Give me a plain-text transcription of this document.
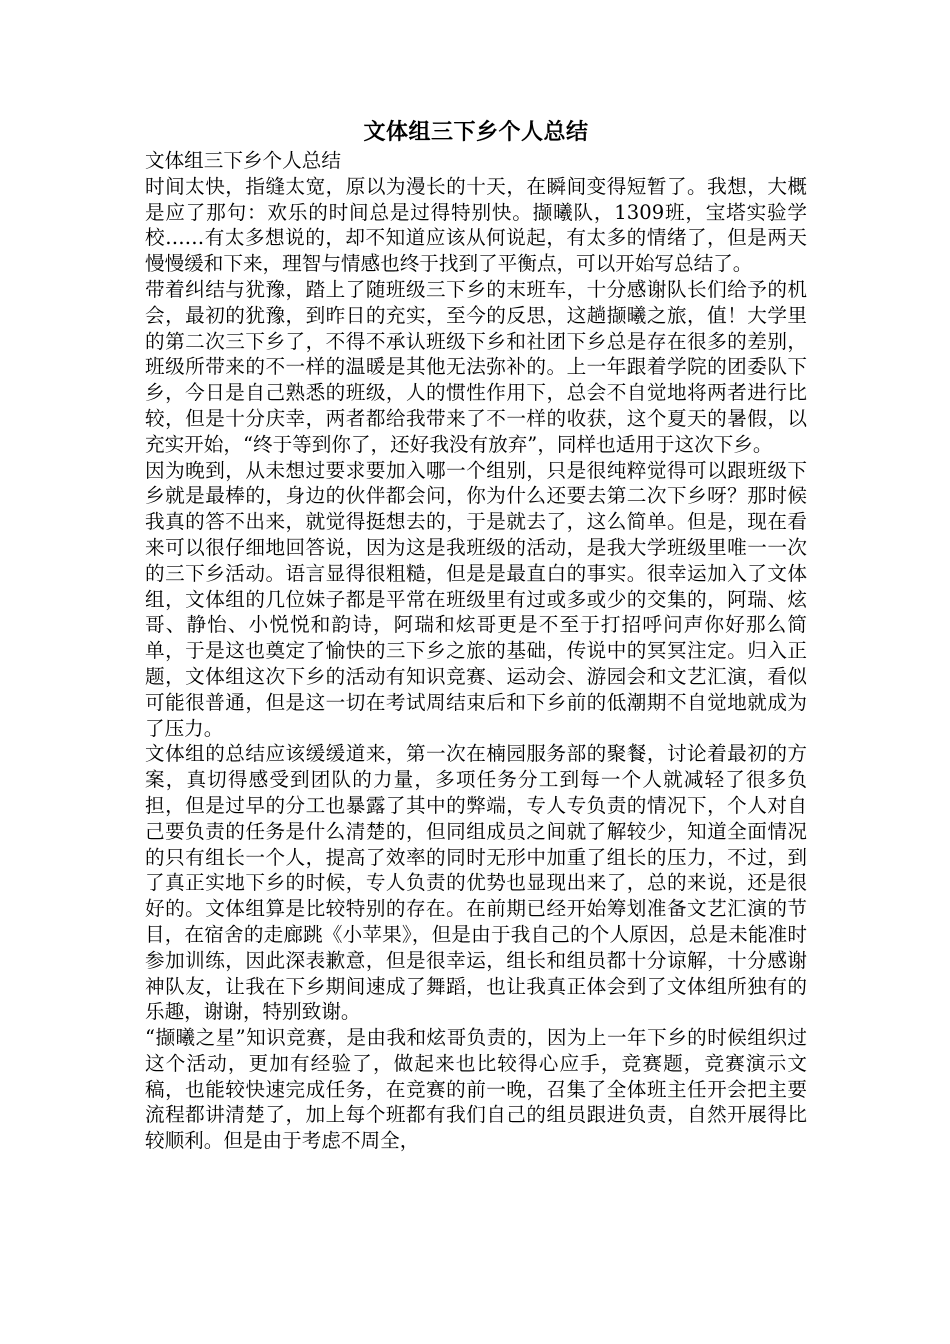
文体组三下乡个人总结

文体组三下乡个人总结

时间太快，指缝太宽，原以为漫长的十天，在瞬间变得短暂了。我想，大概是应了那句：欢乐的时间总是过得特别快。撷曦队，1309班，宝塔实验学校……有太多想说的，却不知道应该从何说起，有太多的情绪了，但是两天慢慢缓和下来，理智与情感也终于找到了平衡点，可以开始写总结了。

带着纠结与犹豫，踏上了随班级三下乡的末班车，十分感谢队长们给予的机会，最初的犹豫，到昨日的充实，至今的反思，这趟撷曦之旅，值！大学里的第二次三下乡了，不得不承认班级下乡和社团下乡总是存在很多的差别，班级所带来的不一样的温暖是其他无法弥补的。上一年跟着学院的团委队下乡，今日是自己熟悉的班级，人的惯性作用下，总会不自觉地将两者进行比较，但是十分庆幸，两者都给我带来了不一样的收获，这个夏天的暑假，以充实开始，“终于等到你了，还好我没有放弃”，同样也适用于这次下乡。

因为晚到，从未想过要求要加入哪一个组别，只是很纯粹觉得可以跟班级下乡就是最棒的，身边的伙伴都会问，你为什么还要去第二次下乡呀？那时候我真的答不出来，就觉得挺想去的，于是就去了，这么简单。但是，现在看来可以很仔细地回答说，因为这是我班级的活动，是我大学班级里唯一一次的三下乡活动。语言显得很粗糙，但是是最直白的事实。很幸运加入了文体组，文体组的几位妹子都是平常在班级里有过或多或少的交集的，阿瑞、炫哥、静怡、小悦悦和韵诗，阿瑞和炫哥更是不至于打招呼问声你好那么简单，于是这也奠定了愉快的三下乡之旅的基础，传说中的冥冥注定。归入正题，文体组这次下乡的活动有知识竞赛、运动会、游园会和文艺汇演，看似可能很普通，但是这一切在考试周结束后和下乡前的低潮期不自觉地就成为了压力。

文体组的总结应该缓缓道来，第一次在楠园服务部的聚餐，讨论着最初的方案，真切得感受到团队的力量，多项任务分工到每一个人就减轻了很多负担，但是过早的分工也暴露了其中的弊端，专人专负责的情况下，个人对自己要负责的任务是什么清楚的，但同组成员之间就了解较少，知道全面情况的只有组长一个人，提高了效率的同时无形中加重了组长的压力，不过，到了真正实地下乡的时候，专人负责的优势也显现出来了，总的来说，还是很好的。文体组算是比较特别的存在。在前期已经开始筹划准备文艺汇演的节目，在宿舍的走廊跳《小苹果》，但是由于我自己的个人原因，总是未能准时参加训练，因此深表歉意，但是很幸运，组长和组员都十分谅解，十分感谢神队友，让我在下乡期间速成了舞蹈，也让我真正体会到了文体组所独有的乐趣，谢谢，特别致谢。

“撷曦之星”知识竞赛，是由我和炫哥负责的，因为上一年下乡的时候组织过这个活动，更加有经验了，做起来也比较得心应手，竞赛题，竞赛演示文稿，也能较快速完成任务，在竞赛的前一晚，召集了全体班主任开会把主要流程都讲清楚了，加上每个班都有我们自己的组员跟进负责，自然开展得比较顺利。但是由于考虑不周全，
